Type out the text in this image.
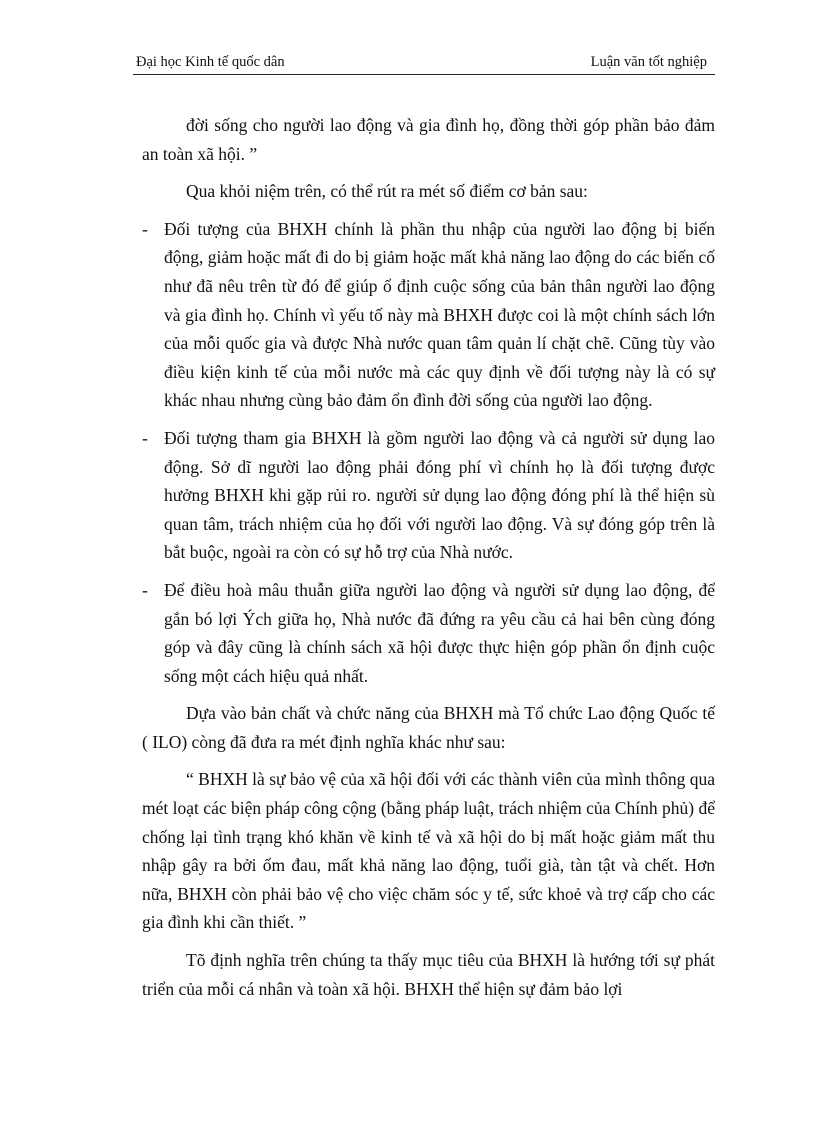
Đại học Kinh tế quốc dân	Luận văn tốt nghiệp

đời sống cho người lao động và gia đình họ, đồng thời góp phần bảo đảm an toàn xã hội. ”

Qua khỏi niệm trên, có thể rút ra mét số điểm cơ bản sau:

- Đối tượng của BHXH chính là phần thu nhập của người lao động bị biến động, giảm hoặc mất đi do bị giảm hoặc mất khả năng lao động do các biến cố như đã nêu trên từ đó để giúp ổ định cuộc sống của bản thân người lao động và gia đình họ. Chính vì yếu tố này mà BHXH được coi là một chính sách lớn của mỗi quốc gia và được Nhà nước quan tâm quản lí chặt chẽ. Cũng tùy vào điều kiện kinh tế của mỗi nước mà các quy định về đối tượng này là có sự khác nhau nhưng cùng bảo đảm ổn đình đời sống của người lao động.
- Đối tượng tham gia BHXH là gồm người lao động và cả người sử dụng lao động. Sở dĩ người lao động phải đóng phí vì chính họ là đối tượng được hưởng BHXH khi gặp rủi ro. người sử dụng lao động đóng phí là thể hiện sù quan tâm, trách nhiệm của họ đối với người lao động. Và sự đóng góp trên là bắt buộc, ngoài ra còn có sự hỗ trợ của Nhà nước.
- Để điều hoà mâu thuẫn giữa người lao động và người sử dụng lao động, để gắn bó lợi Ých giữa họ, Nhà nước đã đứng ra yêu cầu cả hai bên cùng đóng góp và đây cũng là chính sách xã hội được thực hiện góp phần ổn định cuộc sống một cách hiệu quả nhất.

Dựa vào bản chất và chức năng của BHXH mà Tổ chức Lao động Quốc tế ( ILO) còng đã đưa ra mét định nghĩa khác như sau:

“ BHXH là sự bảo vệ của xã hội đối với các thành viên của mình thông qua mét loạt các biện pháp công cộng (bằng pháp luật, trách nhiệm của Chính phủ) để chống lại tình trạng khó khăn về kinh tế và xã hội do bị mất hoặc giảm mất thu nhập gây ra bởi ốm đau, mất khả năng lao động, tuổi già, tàn tật và chết. Hơn nữa, BHXH còn phải bảo vệ cho việc chăm sóc y tế, sức khoẻ và trợ cấp cho các gia đình khi cần thiết. ”

Tõ định nghĩa trên chúng ta thấy mục tiêu của BHXH là hướng tới sự phát triển của mỗi cá nhân và toàn xã hội. BHXH thể hiện sự đảm bảo lợi
